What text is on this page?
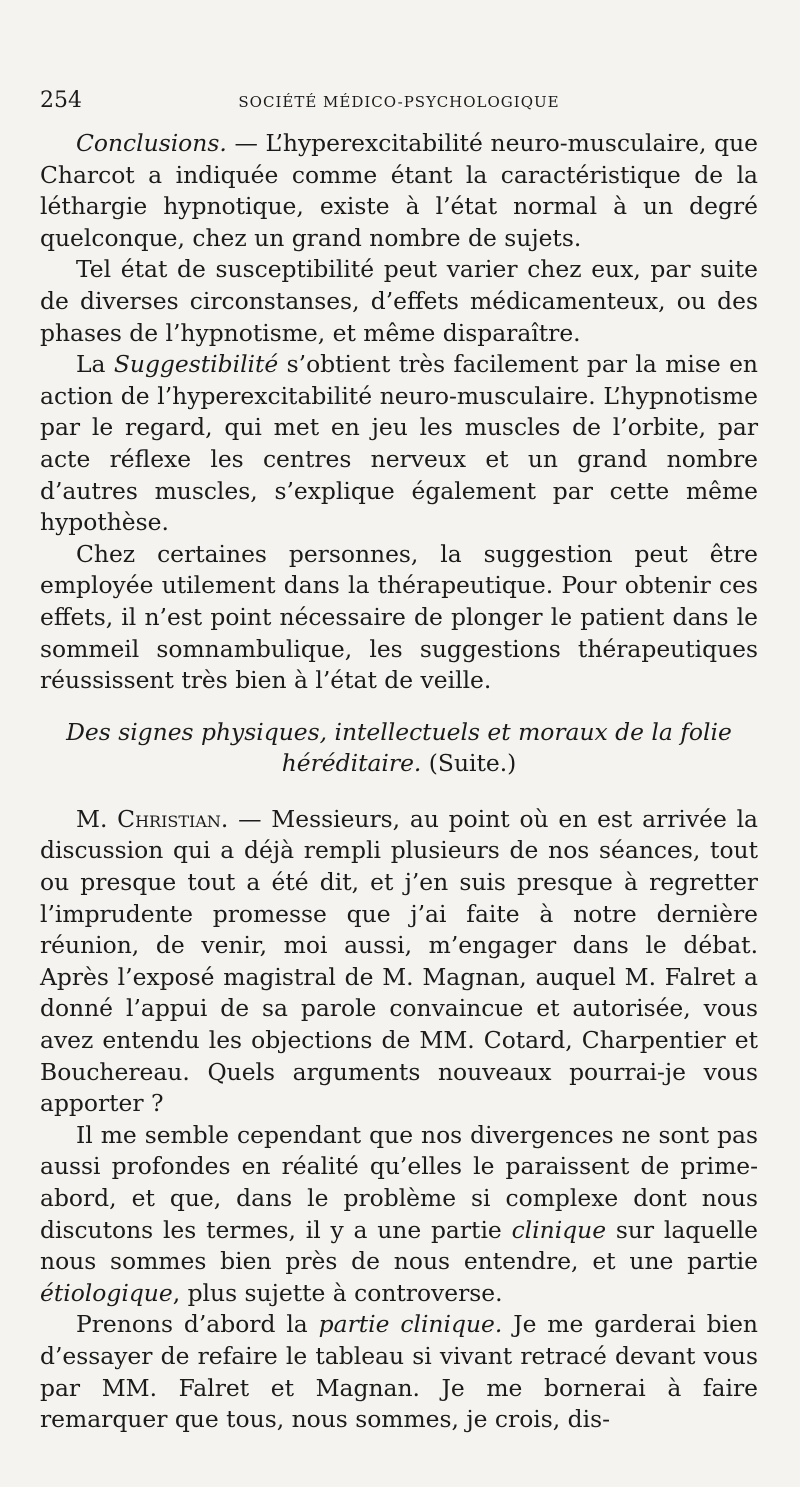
254	SOCIÉTÉ MÉDICO-PSYCHOLOGIQUE

Conclusions. — L’hyperexcitabilité neuro-musculaire, que Charcot a indiquée comme étant la caractéristique de la léthargie hypnotique, existe à l’état normal à un degré quelconque, chez un grand nombre de sujets.

Tel état de susceptibilité peut varier chez eux, par suite de diverses circonstanses, d’effets médicamenteux, ou des phases de l’hypnotisme, et même disparaître.

La Suggestibilité s’obtient très facilement par la mise en action de l’hyperexcitabilité neuro-musculaire. L’hypnotisme par le regard, qui met en jeu les muscles de l’orbite, par acte réflexe les centres nerveux et un grand nombre d’autres muscles, s’explique également par cette même hypothèse.

Chez certaines personnes, la suggestion peut être employée utilement dans la thérapeutique. Pour obtenir ces effets, il n’est point nécessaire de plonger le patient dans le sommeil somnambulique, les suggestions thérapeutiques réussissent très bien à l’état de veille.

Des signes physiques, intellectuels et moraux de la folie héréditaire. (Suite.)

M. Christian. — Messieurs, au point où en est arrivée la discussion qui a déjà rempli plusieurs de nos séances, tout ou presque tout a été dit, et j’en suis presque à regretter l’imprudente promesse que j’ai faite à notre dernière réunion, de venir, moi aussi, m’engager dans le débat. Après l’exposé magistral de M. Magnan, auquel M. Falret a donné l’appui de sa parole convaincue et autorisée, vous avez entendu les objections de MM. Cotard, Charpentier et Bouchereau. Quels arguments nouveaux pourrai-je vous apporter ?

Il me semble cependant que nos divergences ne sont pas aussi profondes en réalité qu’elles le paraissent de prime-abord, et que, dans le problème si complexe dont nous discutons les termes, il y a une partie clinique sur laquelle nous sommes bien près de nous entendre, et une partie étiologique, plus sujette à controverse.

Prenons d’abord la partie clinique. Je me garderai bien d’essayer de refaire le tableau si vivant retracé devant vous par MM. Falret et Magnan. Je me bornerai à faire remarquer que tous, nous sommes, je crois, dis-
